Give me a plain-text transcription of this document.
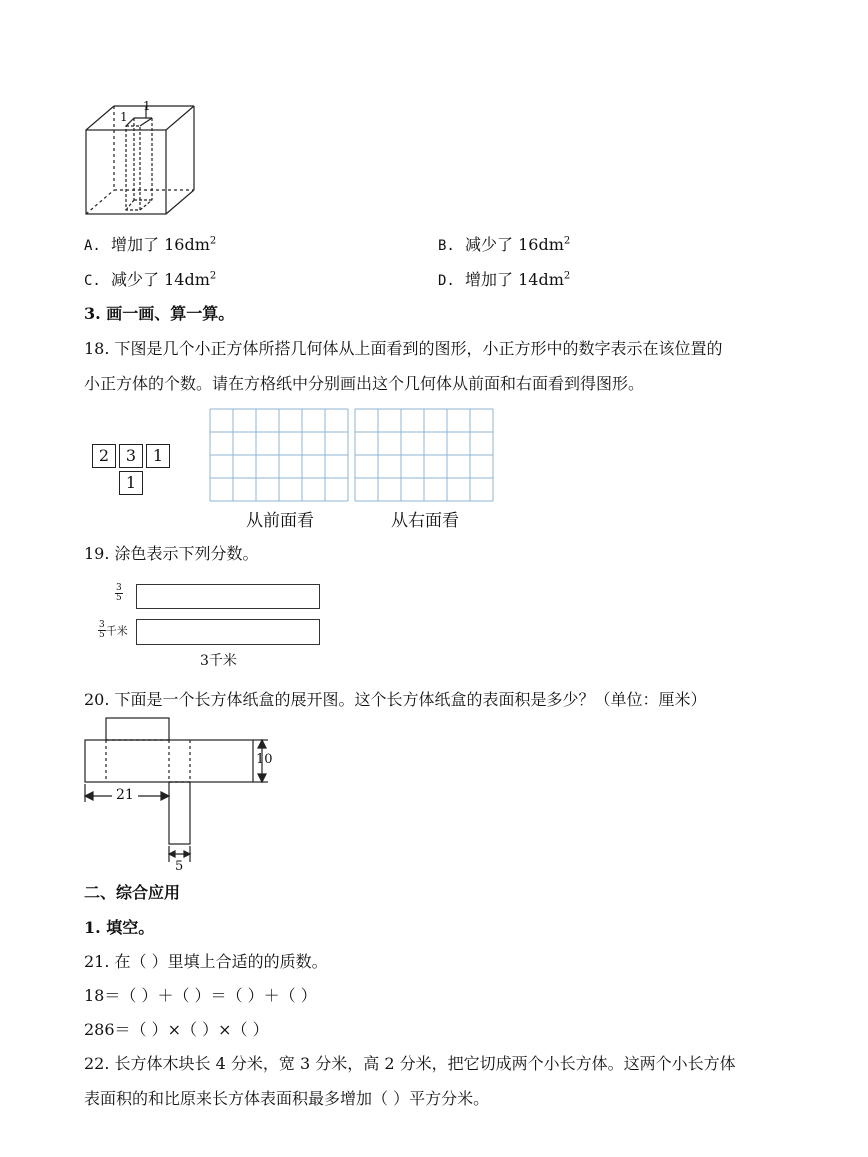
1
1
A. 增加了 $16dm^2$	B. 减少了 $16dm^2$
C. 减少了 $14dm^2$	D. 增加了 $14dm^2$
3. 画一画、算一算。
18. 下图是几个小正方体所搭几何体从上面看到的图形，小正方形中的数字表示在该位置的
小正方体的个数。请在方格纸中分别画出这个几何体从前面和右面看到得图形。
2	3	1
1
从前面看	从右面看
19. 涂色表示下列分数。
$\frac{3}{5}$
$\frac{3}{5}$ 千米
3千米
20. 下面是一个长方体纸盒的展开图。这个长方体纸盒的表面积是多少？（单位：厘米）
21
10
5
二、综合应用
1. 填空。
21. 在（ ）里填上合适的的质数。
18＝（ ）＋（ ）＝（ ）＋（ ）
286＝（ ）×（ ）×（ ）
22. 长方体木块长 4 分米，宽 3 分米，高 2 分米，把它切成两个小长方体。这两个小长方体
表面积的和比原来长方体表面积最多增加（ ）平方分米。
